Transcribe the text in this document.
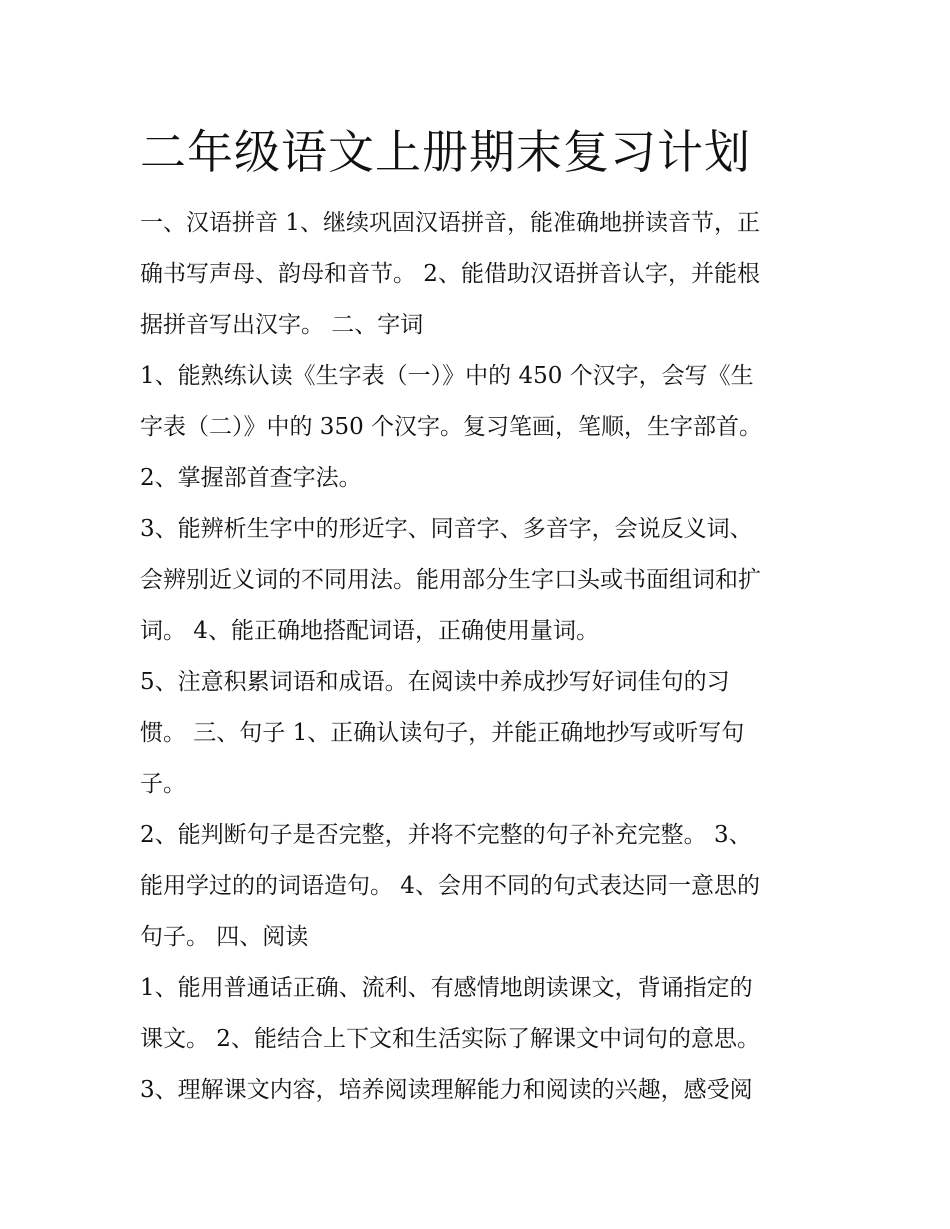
二年级语文上册期末复习计划
一、汉语拼音 1、继续巩固汉语拼音，能准确地拼读音节，正
确书写声母、韵母和音节。 2、能借助汉语拼音认字，并能根
据拼音写出汉字。 二、字词
1、能熟练认读《生字表（一）》中的 450 个汉字，会写《生
字表（二）》中的 350 个汉字。复习笔画，笔顺，生字部首。
2、掌握部首查字法。
3、能辨析生字中的形近字、同音字、多音字，会说反义词、
会辨别近义词的不同用法。能用部分生字口头或书面组词和扩
词。 4、能正确地搭配词语，正确使用量词。
5、注意积累词语和成语。在阅读中养成抄写好词佳句的习
惯。 三、句子 1、正确认读句子，并能正确地抄写或听写句
子。
2、能判断句子是否完整，并将不完整的句子补充完整。 3、
能用学过的的词语造句。 4、会用不同的句式表达同一意思的
句子。 四、阅读
1、能用普通话正确、流利、有感情地朗读课文，背诵指定的
课文。 2、能结合上下文和生活实际了解课文中词句的意思。
3、理解课文内容，培养阅读理解能力和阅读的兴趣，感受阅
